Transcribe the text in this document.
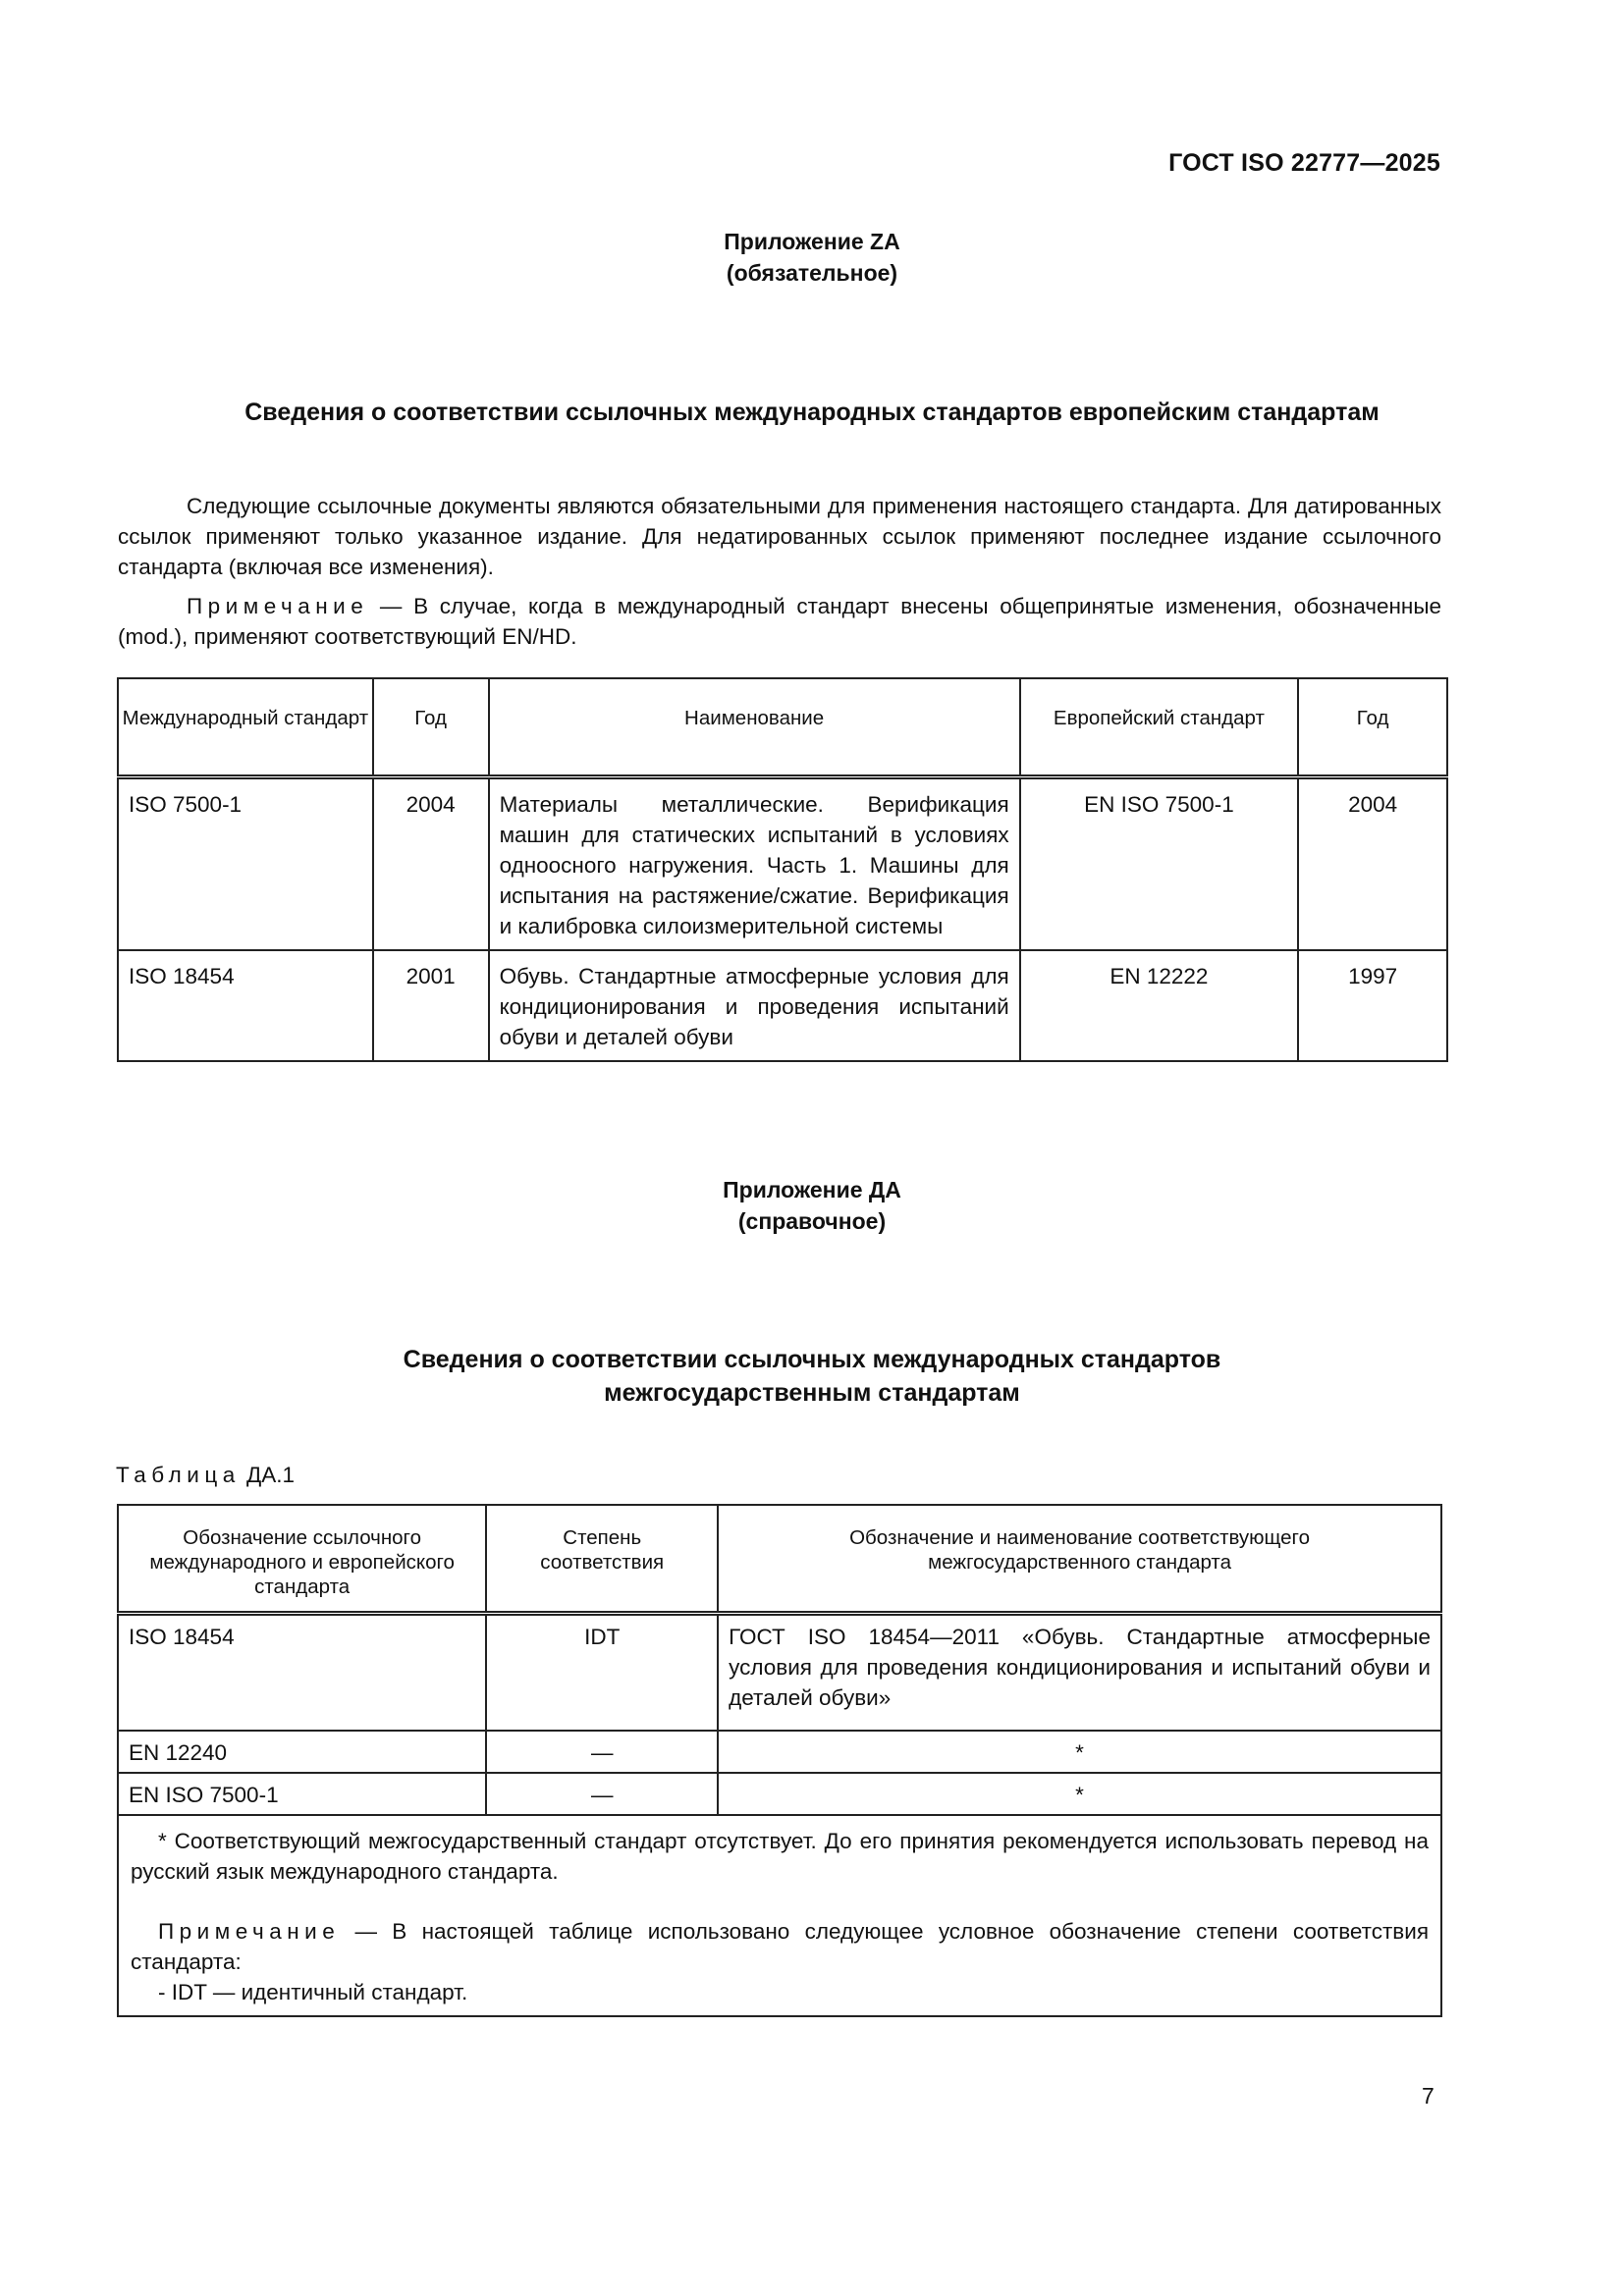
ГОСТ ISO 22777—2025
Приложение ZA
(обязательное)
Сведения о соответствии ссылочных международных стандартов европейским стандартам

Следующие ссылочные документы являются обязательными для применения настоящего стандарта. Для датированных ссылок применяют только указанное издание. Для недатированных ссылок применяют последнее издание ссылочного стандарта (включая все изменения).

Примечание — В случае, когда в международный стандарт внесены общепринятые изменения, обозначенные (mod.), применяют соответствующий EN/HD.

Международный стандарт	Год	Наименование	Европейский стандарт	Год
ISO 7500-1	2004	Материалы металлические. Верификация машин для статических испытаний в условиях одноосного нагружения. Часть 1. Машины для испытания на растяжение/сжатие. Верификация и калибровка силоизмерительной системы	EN ISO 7500-1	2004
ISO 18454	2001	Обувь. Стандартные атмосферные условия для кондиционирования и проведения испытаний обуви и деталей обуви	EN 12222	1997
Приложение ДА
(справочное)
Сведения о соответствии ссылочных международных стандартов
межгосударственным стандартам
Таблица ДА.1
Обозначение ссылочного международного и европейского стандарта	Степень соответствия	Обозначение и наименование соответствующего межгосударственного стандарта
ISO 18454	IDT	ГОСТ ISO 18454—2011 «Обувь. Стандартные атмосферные условия для проведения кондиционирования и испытаний обуви и деталей обуви»
EN 12240	—	*
EN ISO 7500-1	—	*

* Соответствующий межгосударственный стандарт отсутствует. До его принятия рекомендуется использовать перевод на русский язык международного стандарта.

Примечание — В настоящей таблице использовано следующее условное обозначение степени соответствия стандарта:

- IDT — идентичный стандарт.		

7
